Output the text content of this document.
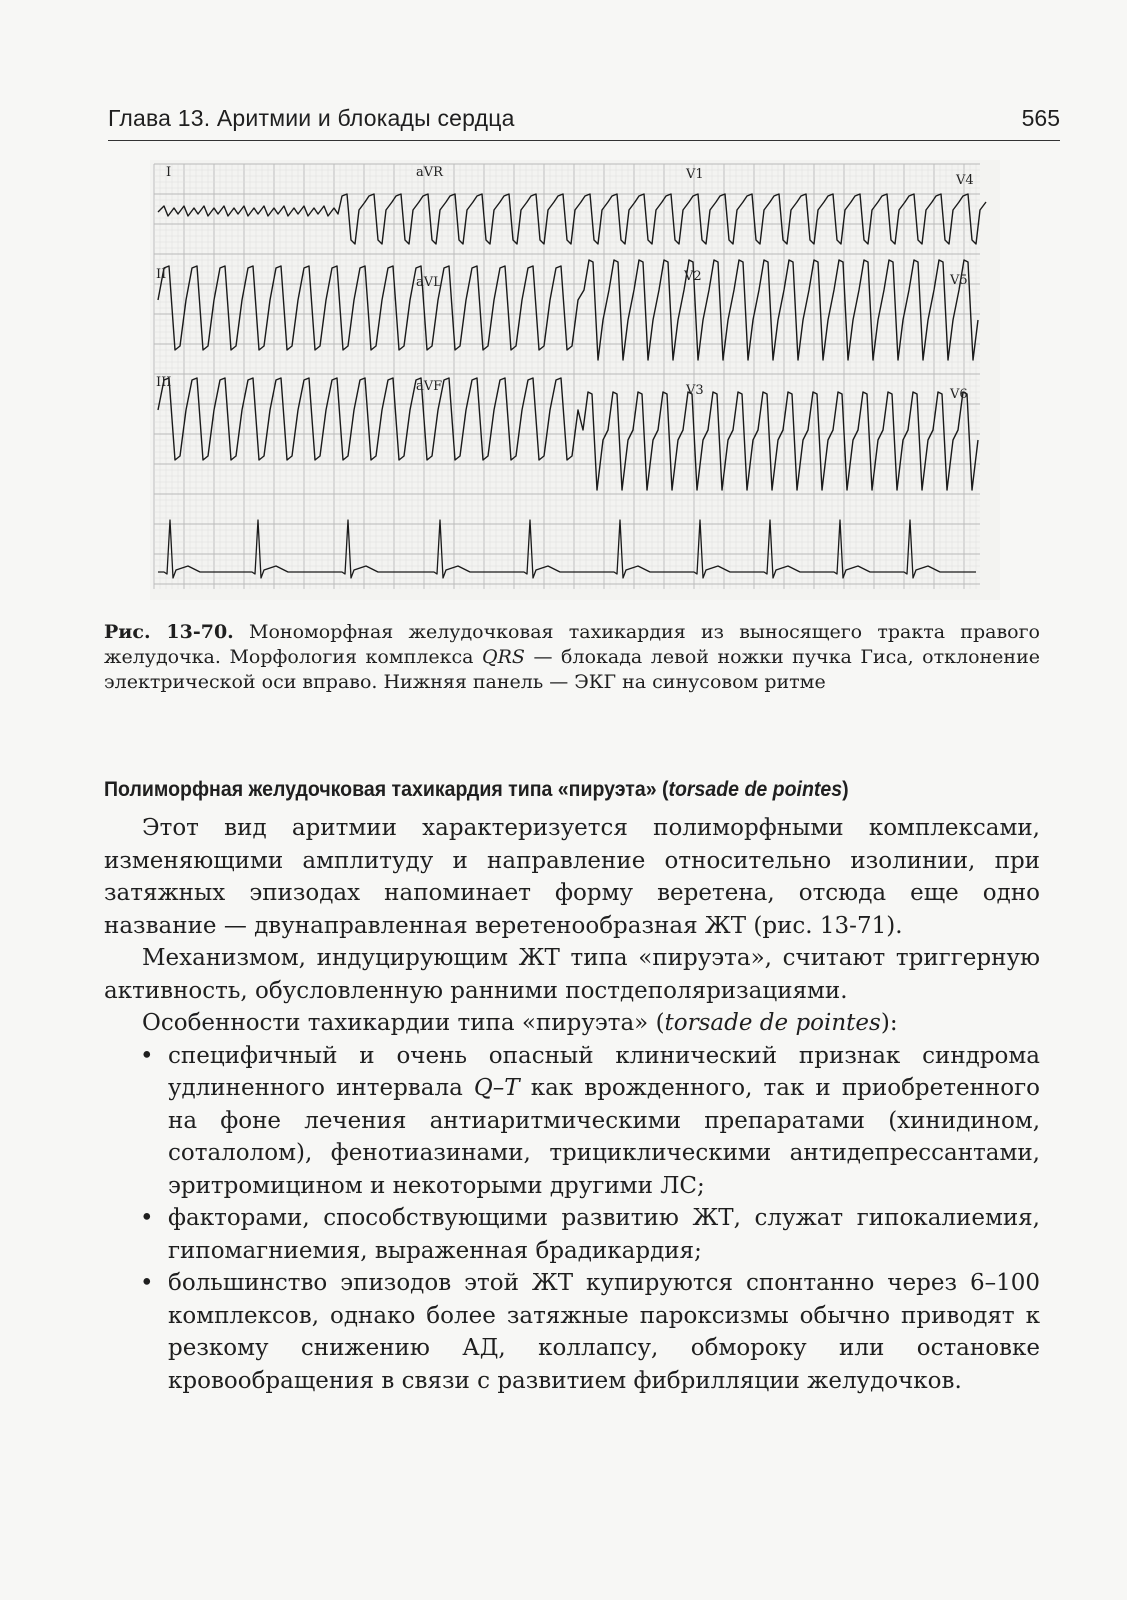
Глава 13. Аритмии и блокады сердца	565
I	aVR	V1	V4
II
aVL	V2	V5
III	aVF	V3	V6
Рис. 13-70. Мономорфная желудочковая тахикардия из выносящего тракта правого желудочка. Морфология комплекса QRS — блокада левой ножки пучка Гиса, отклонение электрической оси вправо. Нижняя панель — ЭКГ на синусовом ритме
Полиморфная желудочковая тахикардия типа «пируэта» (torsade de pointes)

Этот вид аритмии характеризуется полиморфными комплексами, изменяющими амплитуду и направление относительно изолинии, при затяжных эпизодах напоминает форму веретена, отсюда еще одно название — двунаправленная веретенообразная ЖТ (рис. 13-71).

Механизмом, индуцирующим ЖТ типа «пируэта», считают триггерную активность, обусловленную ранними постдеполяризациями.

Особенности тахикардии типа «пируэта» (torsade de pointes):

• специфичный и очень опасный клинический признак синдрома удлиненного интервала Q–T как врожденного, так и приобретенного на фоне лечения антиаритмическими препаратами (хинидином, соталолом), фенотиазинами, трициклическими антидепрессантами, эритромицином и некоторыми другими ЛС;
• факторами, способствующими развитию ЖТ, служат гипокалиемия, гипомагниемия, выраженная брадикардия;
• большинство эпизодов этой ЖТ купируются спонтанно через 6–100 комплексов, однако более затяжные пароксизмы обычно приводят к резкому снижению АД, коллапсу, обмороку или остановке кровообращения в связи с развитием фибрилляции желудочков.
